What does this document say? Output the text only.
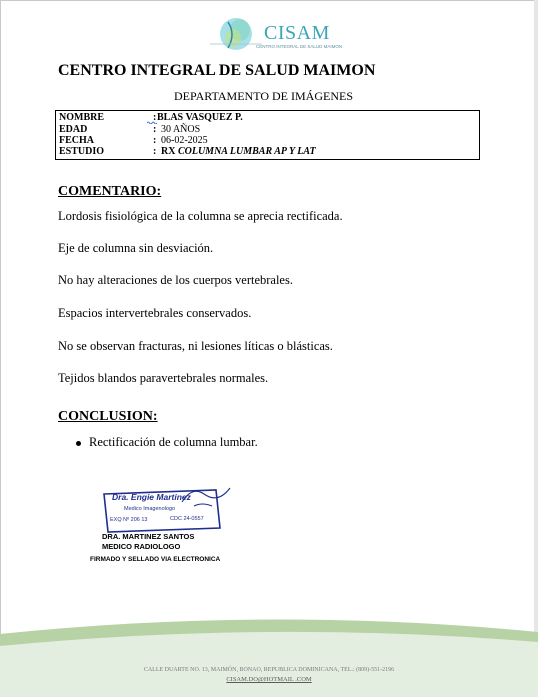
CISAM
CENTRO INTEGRAL DE SALUD MAIMON
CENTRO INTEGRAL DE SALUD MAIMON
DEPARTAMENTO DE IMÁGENES
NOMBRE	: BLAS VASQUEZ P.
EDAD	: 30 AÑOS
FECHA	: 06-02-2025
ESTUDIO	: RX COLUMNA LUMBAR AP Y LAT
COMENTARIO:
Lordosis fisiológica de la columna se aprecia rectificada.
Eje de columna sin desviación.
No hay alteraciones de los cuerpos vertebrales.
Espacios intervertebrales conservados.
No se observan fracturas, ni lesiones líticas o blásticas.
Tejidos blandos paravertebrales normales.
CONCLUSION:
Rectificación de columna lumbar.
Dra. Engie Martinez
Medico Imagenologo
EXQ Nº 206 13	CDC 24-0557
DRA. MARTINEZ SANTOS
MEDICO RADIOLOGO
FIRMADO Y SELLADO VIA ELECTRONICA
CALLE DUARTE NO. 13, MAIMÓN, BONAO, REPUBLICA DOMINICANA, TEL.: (809)-551-2196
CISAM.DO@HOTMAIL .COM
